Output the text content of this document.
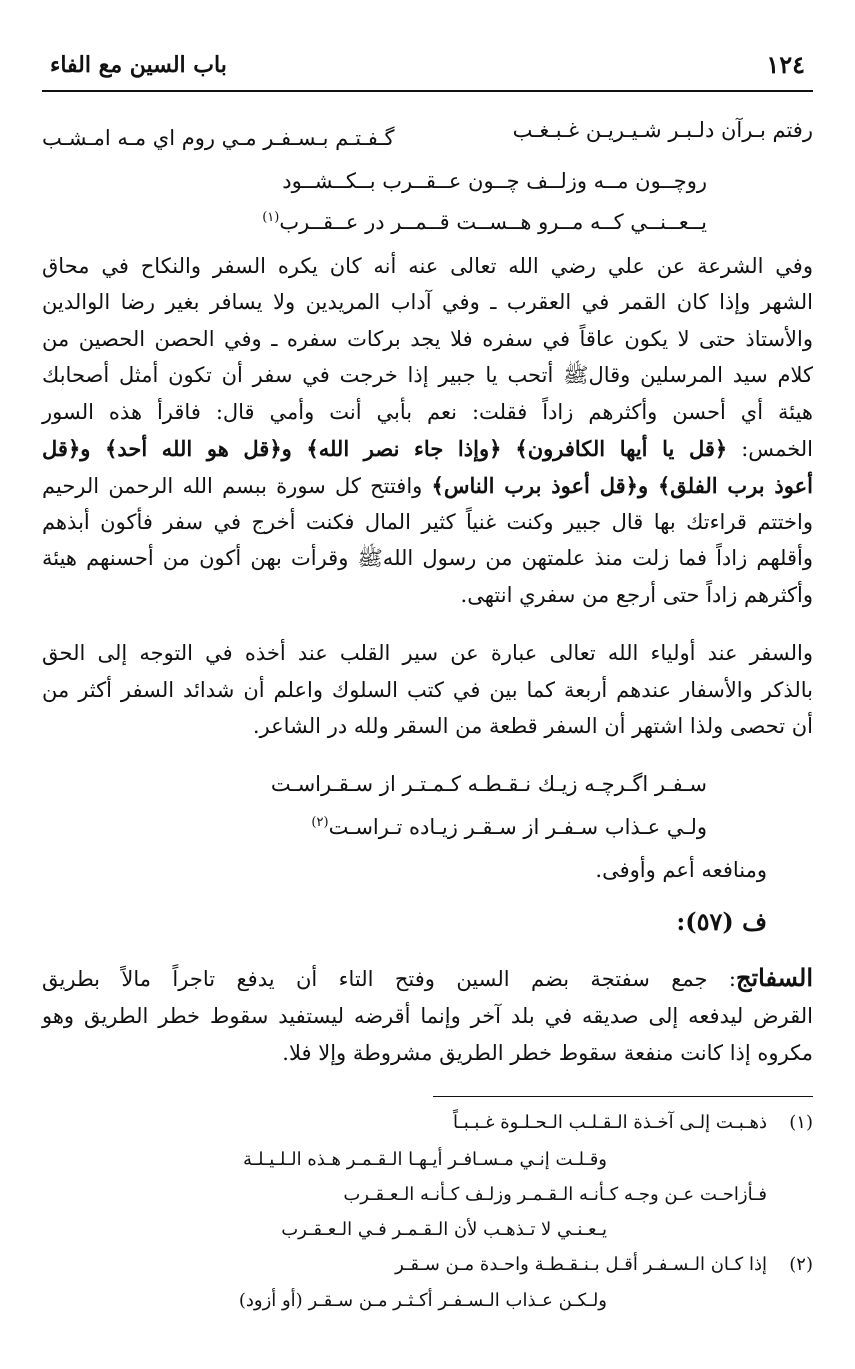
١٢٤
باب السين مع الفاء
رفتم بـرآن دلـبـر شـيـريـن غـبـغـب
گـفـتـم بـسـفـر مـي روم اي مـه امـشـب
روچــون مــه وزلــف چــون عــقــرب بــکــشــود
يــعــنــي کــه مــرو هــســت قــمــر در عــقــرب$^{(١)}$
وفي الشرعة عن علي رضي الله تعالى عنه أنه كان يكره السفر والنكاح في محاق
الشهر وإذا كان القمر في العقرب ـ وفي آداب المريدين ولا يسافر بغير رضا الوالدين
والأستاذ حتى لا يكون عاقاً في سفره فلا يجد بركات سفره ـ وفي الحصن الحصين من
كلام سيد المرسلين وقالﷺ أتحب يا جبير إذا خرجت في سفر أن تكون أمثل أصحابك
هيئة أي أحسن وأكثرهم زاداً فقلت: نعم بأبي أنت وأمي قال: فاقرأ هذه السور
الخمس: ﴿قل يا أيها الكافرون﴾ ﴿وإذا جاء نصر الله﴾ و﴿قل هو الله أحد﴾ و﴿قل
أعوذ برب الفلق﴾ و﴿قل أعوذ برب الناس﴾ وافتتح كل سورة ببسم الله الرحمن الرحيم
واختتم قراءتك بها قال جبير وكنت غنياً كثير المال فكنت أخرج في سفر فأكون أبذهم
وأقلهم زاداً فما زلت منذ علمتهن من رسول اللهﷺ وقرأت بهن أكون من أحسنهم هيئة
وأكثرهم زاداً حتى أرجع من سفري انتهى.
والسفر عند أولياء الله تعالى عبارة عن سير القلب عند أخذه في التوجه إلى الحق
بالذكر والأسفار عندهم أربعة كما بين في كتب السلوك واعلم أن شدائد السفر أكثر من
أن تحصى ولذا اشتهر أن السفر قطعة من السقر ولله در الشاعر.
سـفـر اگـرچـه زيـك نـقـطـه كـمـتـر از سـقـراسـت
ولـي عـذاب سـفـر از سـقـر زيـاده تـراسـت$^{(٢)}$
ومنافعه أعم وأوفى.
ف (٥٧):
السفاتج: جمع سفتجة بضم السين وفتح التاء أن يدفع تاجراً مالاً بطريق
القرض ليدفعه إلى صديقه في بلد آخر وإنما أقرضه ليستفيد سقوط خطر الطريق وهو
مكروه إذا كانت منفعة سقوط خطر الطريق مشروطة وإلا فلا.
(١)
ذهـبـت إلـى آخـذة الـقـلـب الـحـلـوة غـبـبـاً
وقـلـت إنـي مـسـافـر أيـهـا الـقـمـر هـذه الـلـيـلـة
فـأزاحـت عـن وجـه كـأنـه الـقـمـر وزلـف كـأنـه الـعـقـرب
يـعـنـي لا تـذهـب لأن الـقـمـر فـي الـعـقـرب
(٢)
إذا كـان الـسـفـر أقـل بـنـقـطـة واحـدة مـن سـقـر
ولـكـن عـذاب الـسـفـر أكـثـر مـن سـقـر (أو أزود)
